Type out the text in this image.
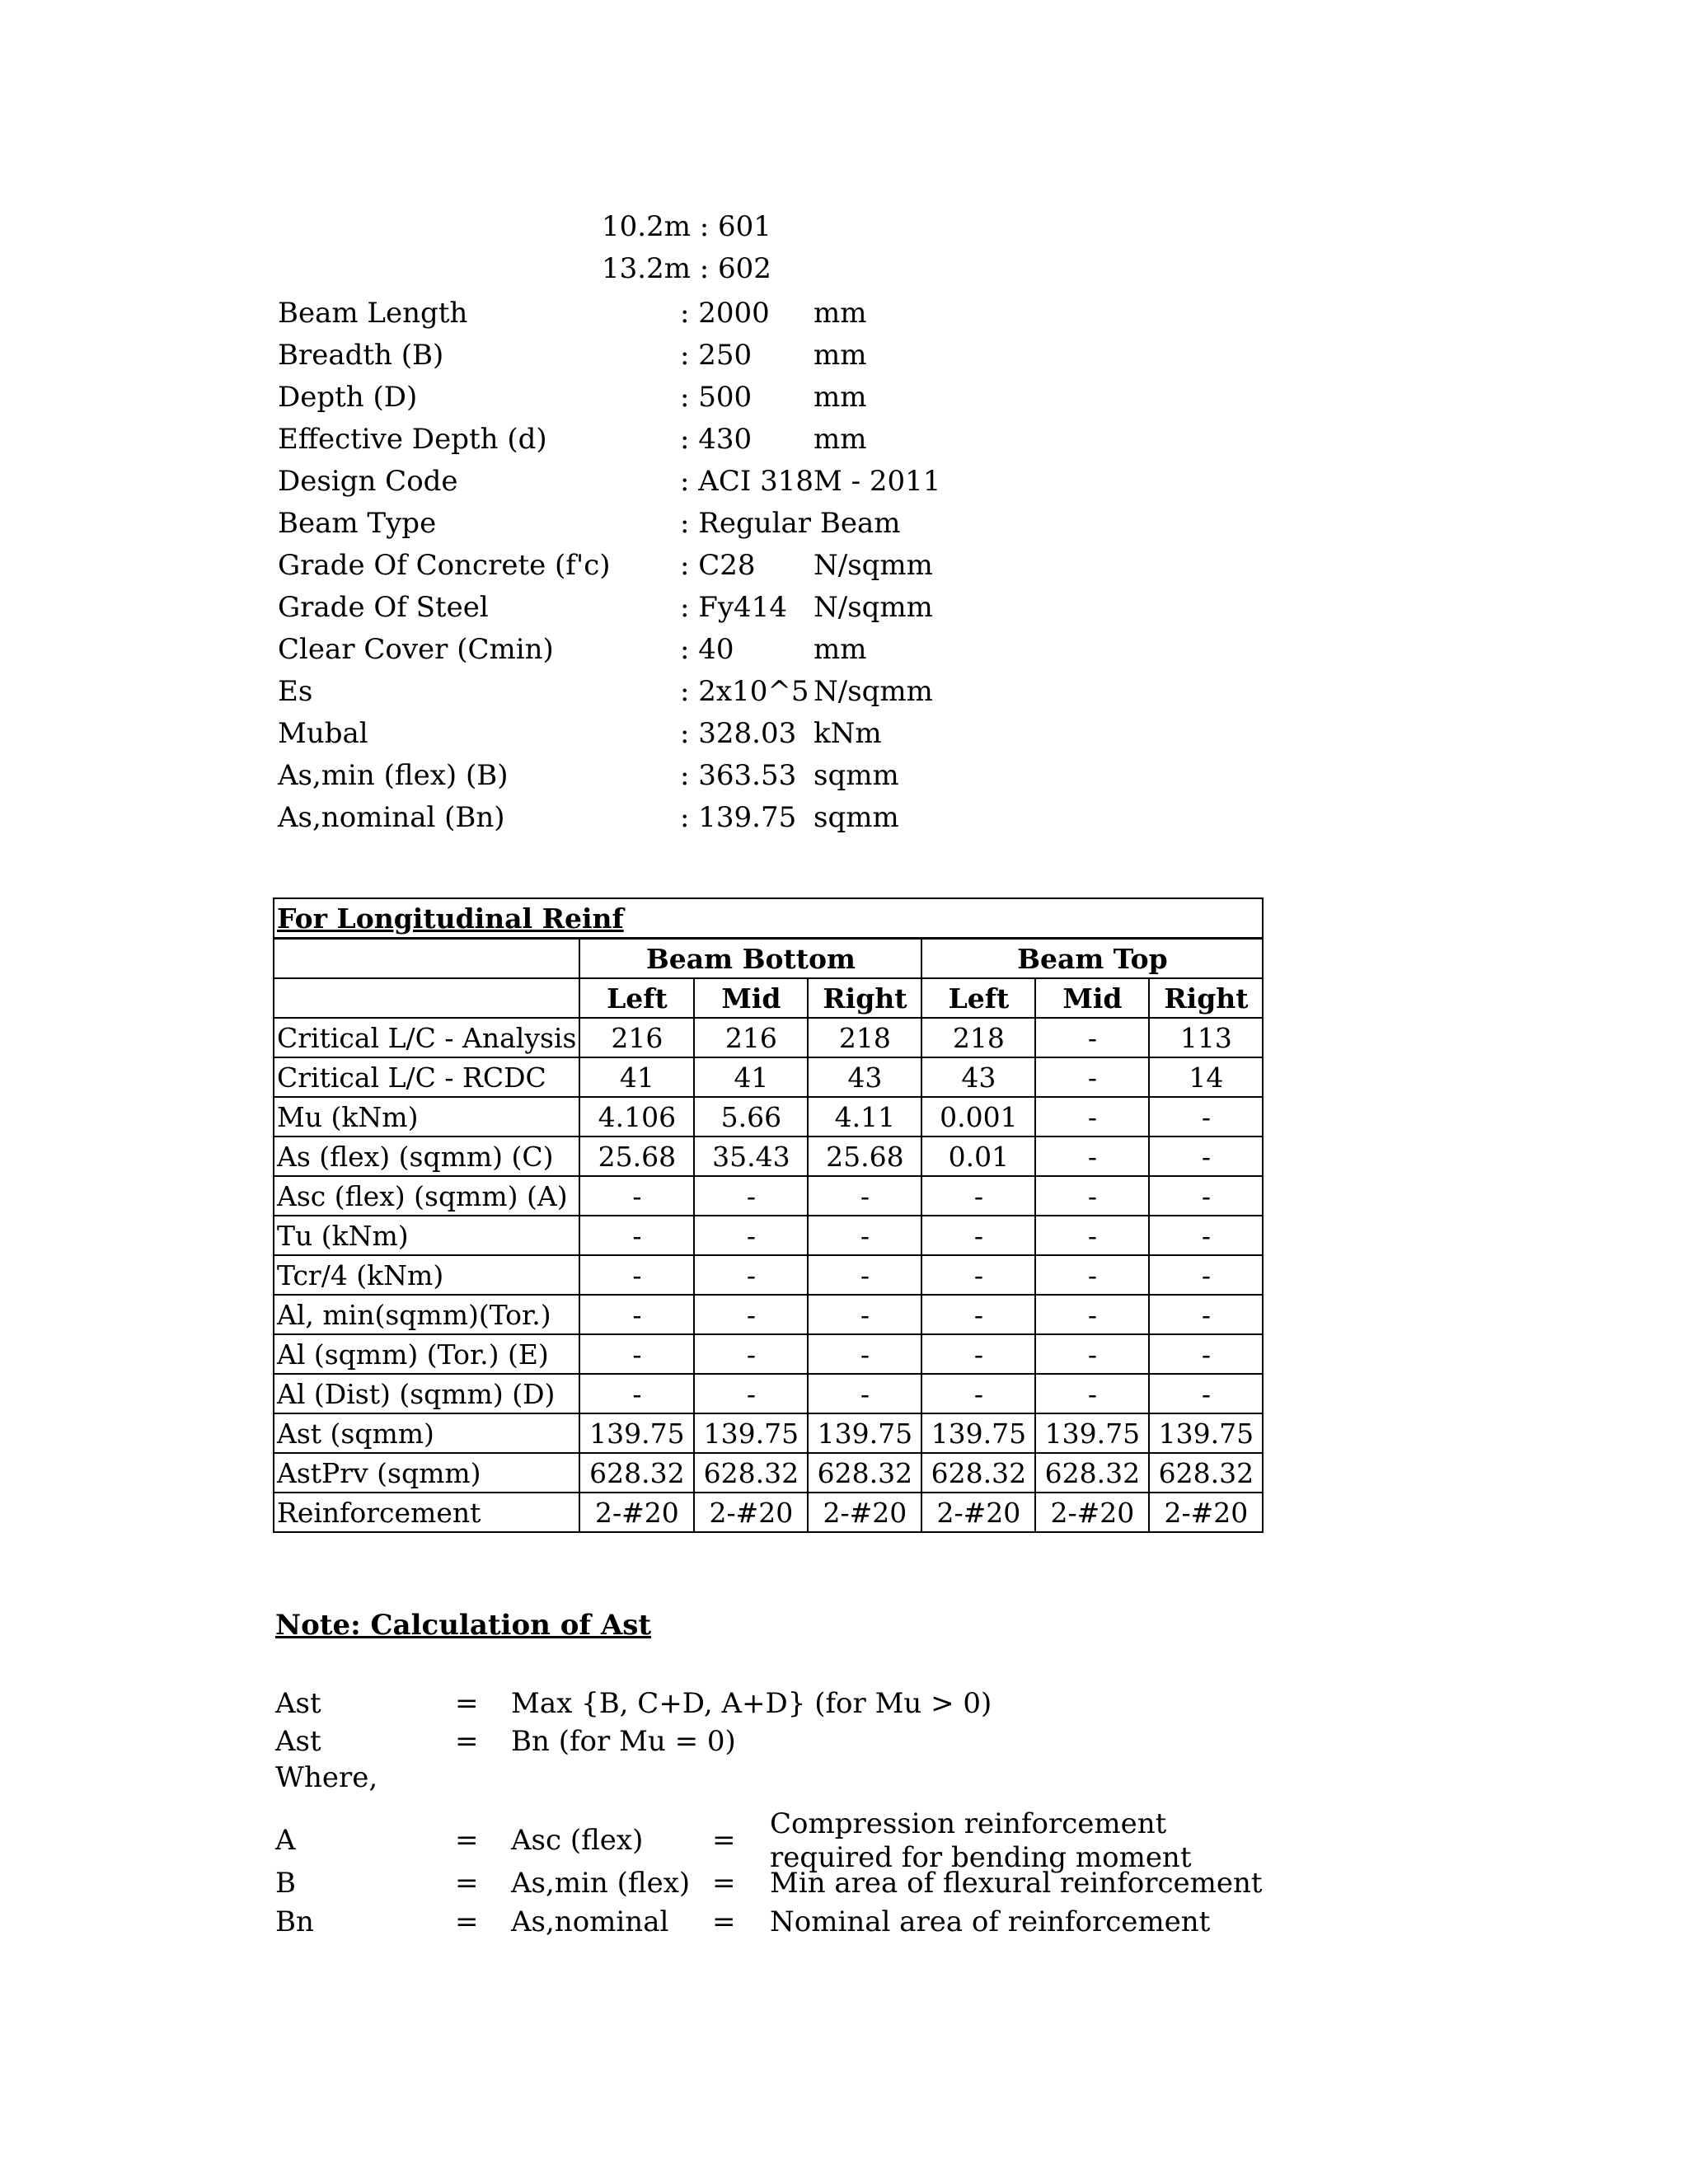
10.2m : 601
13.2m : 602
Beam Length	: 2000 mm
Breadth (B)	: 250 mm
Depth (D)	: 500 mm
Effective Depth (d)	: 430 mm
Design Code	: ACI 318M - 2011
Beam Type	: Regular Beam
Grade Of Concrete (f'c) : C28 N/sqmm
Grade Of Steel	: Fy414 N/sqmm
Clear Cover (Cmin)	: 40	mm
Es	: 2x10^5 N/sqmm
Mubal	: 328.03 kNm
As,min (flex) (B)	: 363.53 sqmm
As,nominal (Bn)	: 139.75 sqmm
For Longitudinal Reinf						
	Beam Bottom			Beam Top		
	Left	Mid	Right	Left	Mid	Right
Critical L/C - Analysis	216	216	218	218	-	113
Critical L/C - RCDC	41	41	43	43	-	14
Mu (kNm)	4.106	5.66	4.11	0.001	-	-
As (flex) (sqmm) (C)	25.68	35.43	25.68	0.01	-	-
Asc (flex) (sqmm) (A)	-	-	-	-	-	-
Tu (kNm)	-	-	-	-	-	-
Tcr/4 (kNm)	-	-	-	-	-	-
Al, min(sqmm)(Tor.)	-	-	-	-	-	-
Al (sqmm) (Tor.) (E)	-	-	-	-	-	-
Al (Dist) (sqmm) (D)	-	-	-	-	-	-
Ast (sqmm)	139.75	139.75	139.75	139.75	139.75	139.75
AstPrv (sqmm)	628.32	628.32	628.32	628.32	628.32	628.32
Reinforcement	2-#20	2-#20	2-#20	2-#20	2-#20	2-#20
Note: Calculation of Ast
Ast	= Max {B, C+D, A+D} (for Mu > 0)
Ast	= Bn (for Mu = 0)
Where,
A	= Asc (flex) = Compression reinforcement required for bending moment
B	= As,min (flex) = Min area of flexural reinforcement
Bn	= As,nominal = Nominal area of reinforcement
